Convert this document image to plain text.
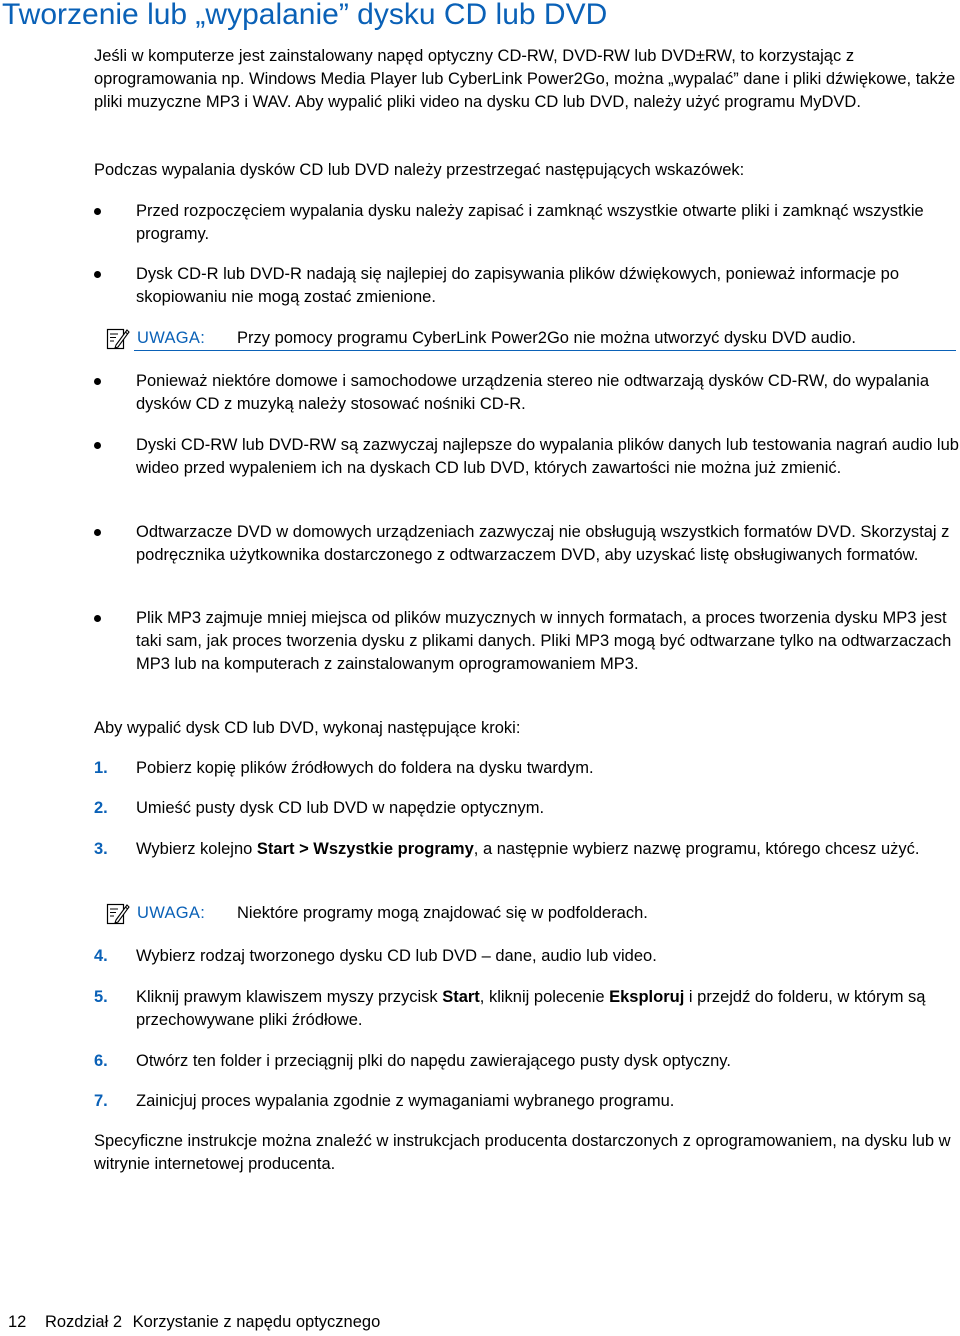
Tworzenie lub „wypalanie” dysku CD lub DVD

Jeśli w komputerze jest zainstalowany napęd optyczny CD-RW, DVD-RW lub DVD±RW, to korzystając z oprogramowania np. Windows Media Player lub CyberLink Power2Go, można „wypalać” dane i pliki dźwiękowe, także pliki muzyczne MP3 i WAV. Aby wypalić pliki video na dysku CD lub DVD, należy użyć programu MyDVD.

Podczas wypalania dysków CD lub DVD należy przestrzegać następujących wskazówek:

Przed rozpoczęciem wypalania dysku należy zapisać i zamknąć wszystkie otwarte pliki i zamknąć wszystkie programy.
Dysk CD-R lub DVD-R nadają się najlepiej do zapisywania plików dźwiękowych, ponieważ informacje po skopiowaniu nie mogą zostać zmienione.
UWAGA: Przy pomocy programu CyberLink Power2Go nie można utworzyć dysku DVD audio.
Ponieważ niektóre domowe i samochodowe urządzenia stereo nie odtwarzają dysków CD-RW, do wypalania dysków CD z muzyką należy stosować nośniki CD-R.
Dyski CD-RW lub DVD-RW są zazwyczaj najlepsze do wypalania plików danych lub testowania nagrań audio lub wideo przed wypaleniem ich na dyskach CD lub DVD, których zawartości nie można już zmienić.
Odtwarzacze DVD w domowych urządzeniach zazwyczaj nie obsługują wszystkich formatów DVD. Skorzystaj z podręcznika użytkownika dostarczonego z odtwarzaczem DVD, aby uzyskać listę obsługiwanych formatów.
Plik MP3 zajmuje mniej miejsca od plików muzycznych w innych formatach, a proces tworzenia dysku MP3 jest taki sam, jak proces tworzenia dysku z plikami danych. Pliki MP3 mogą być odtwarzane tylko na odtwarzaczach MP3 lub na komputerach z zainstalowanym oprogramowaniem MP3.

Aby wypalić dysk CD lub DVD, wykonaj następujące kroki:

1. Pobierz kopię plików źródłowych do foldera na dysku twardym.
2. Umieść pusty dysk CD lub DVD w napędzie optycznym.
3. Wybierz kolejno Start > Wszystkie programy, a następnie wybierz nazwę programu, którego chcesz użyć.
UWAGA: Niektóre programy mogą znajdować się w podfolderach.
4. Wybierz rodzaj tworzonego dysku CD lub DVD – dane, audio lub video.
5. Kliknij prawym klawiszem myszy przycisk Start, kliknij polecenie Eksploruj i przejdź do folderu, w którym są przechowywane pliki źródłowe.
6. Otwórz ten folder i przeciągnij plki do napędu zawierającego pusty dysk optyczny.
7. Zainicjuj proces wypalania zgodnie z wymaganiami wybranego programu.

Specyficzne instrukcje można znaleźć w instrukcjach producenta dostarczonych z oprogramowaniem, na dysku lub w witrynie internetowej producenta.

12 Rozdział 2 Korzystanie z napędu optycznego
